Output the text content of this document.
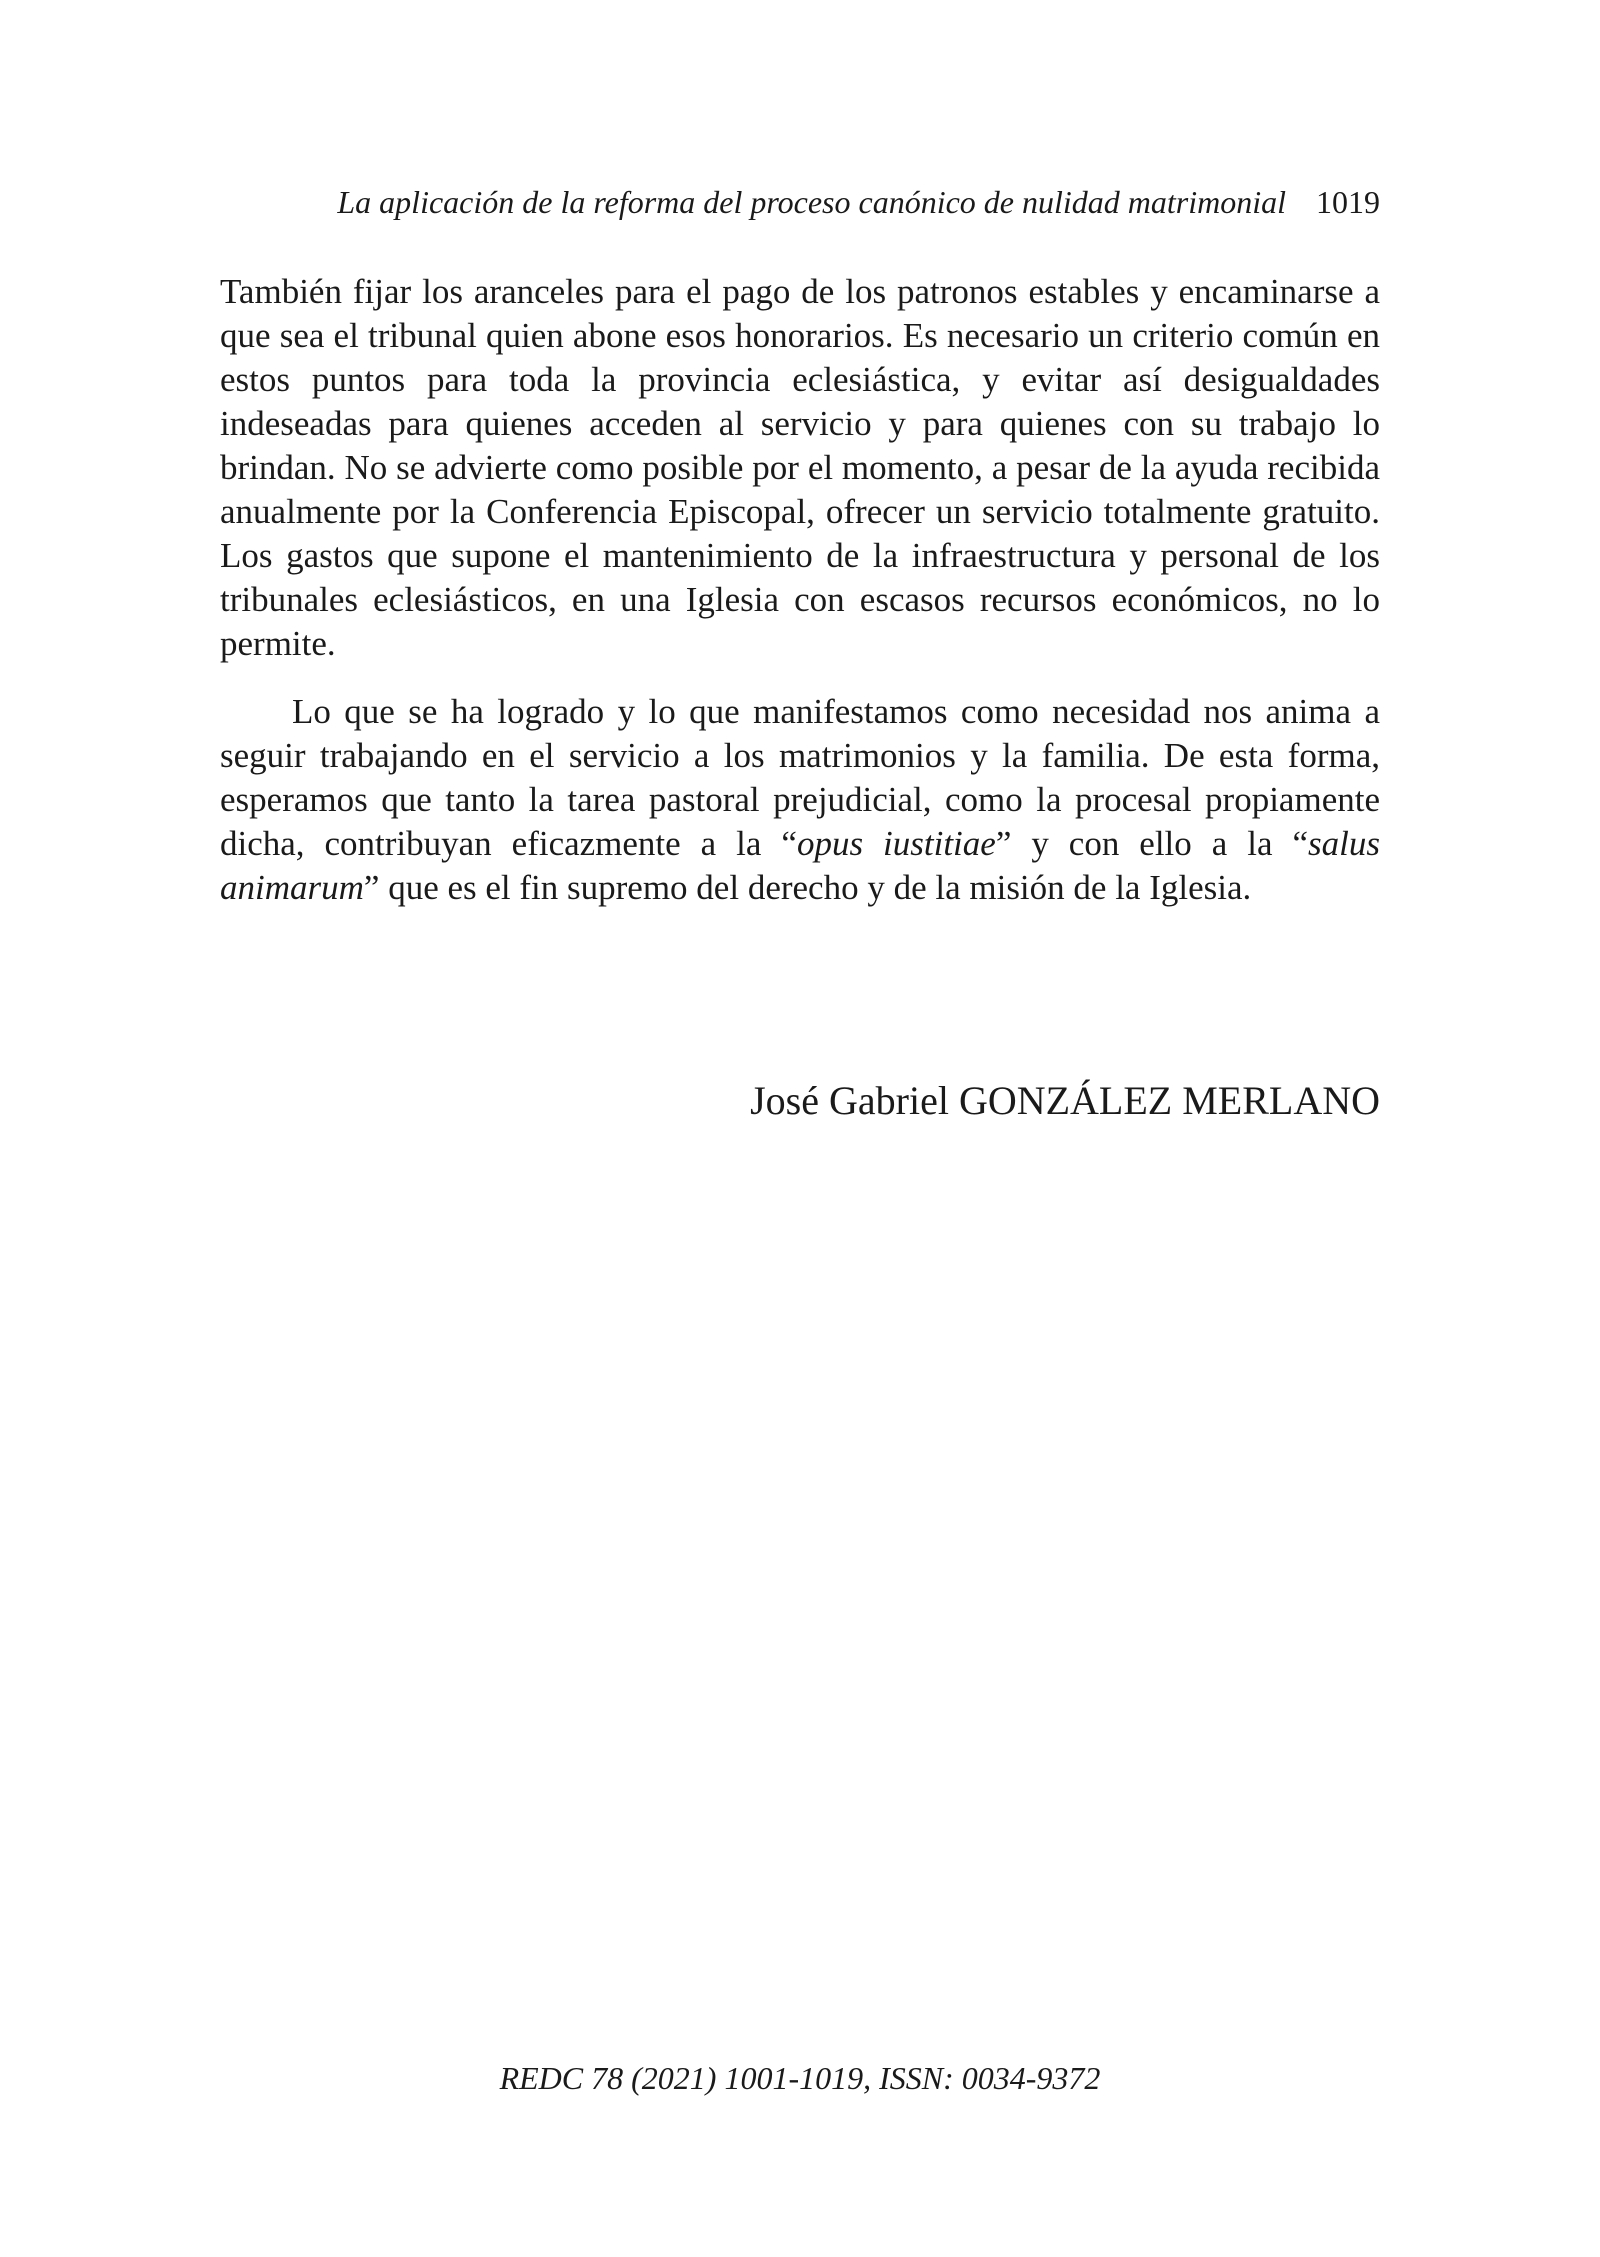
La aplicación de la reforma del proceso canónico de nulidad matrimonial 1019

También fijar los aranceles para el pago de los patronos estables y encaminarse a que sea el tribunal quien abone esos honorarios. Es necesario un criterio común en estos puntos para toda la provincia eclesiástica, y evitar así desigualdades indeseadas para quienes acceden al servicio y para quienes con su trabajo lo brindan. No se advierte como posible por el momento, a pesar de la ayuda recibida anualmente por la Conferencia Episcopal, ofrecer un servicio totalmente gratuito. Los gastos que supone el mantenimiento de la infraestructura y personal de los tribunales eclesiásticos, en una Iglesia con escasos recursos económicos, no lo permite.

Lo que se ha logrado y lo que manifestamos como necesidad nos anima a seguir trabajando en el servicio a los matrimonios y la familia. De esta forma, esperamos que tanto la tarea pastoral prejudicial, como la procesal propiamente dicha, contribuyan eficazmente a la “opus iustitiae” y con ello a la “salus animarum” que es el fin supremo del derecho y de la misión de la Iglesia.

José Gabriel GONZÁLEZ MERLANO
REDC 78 (2021) 1001-1019, ISSN: 0034-9372
